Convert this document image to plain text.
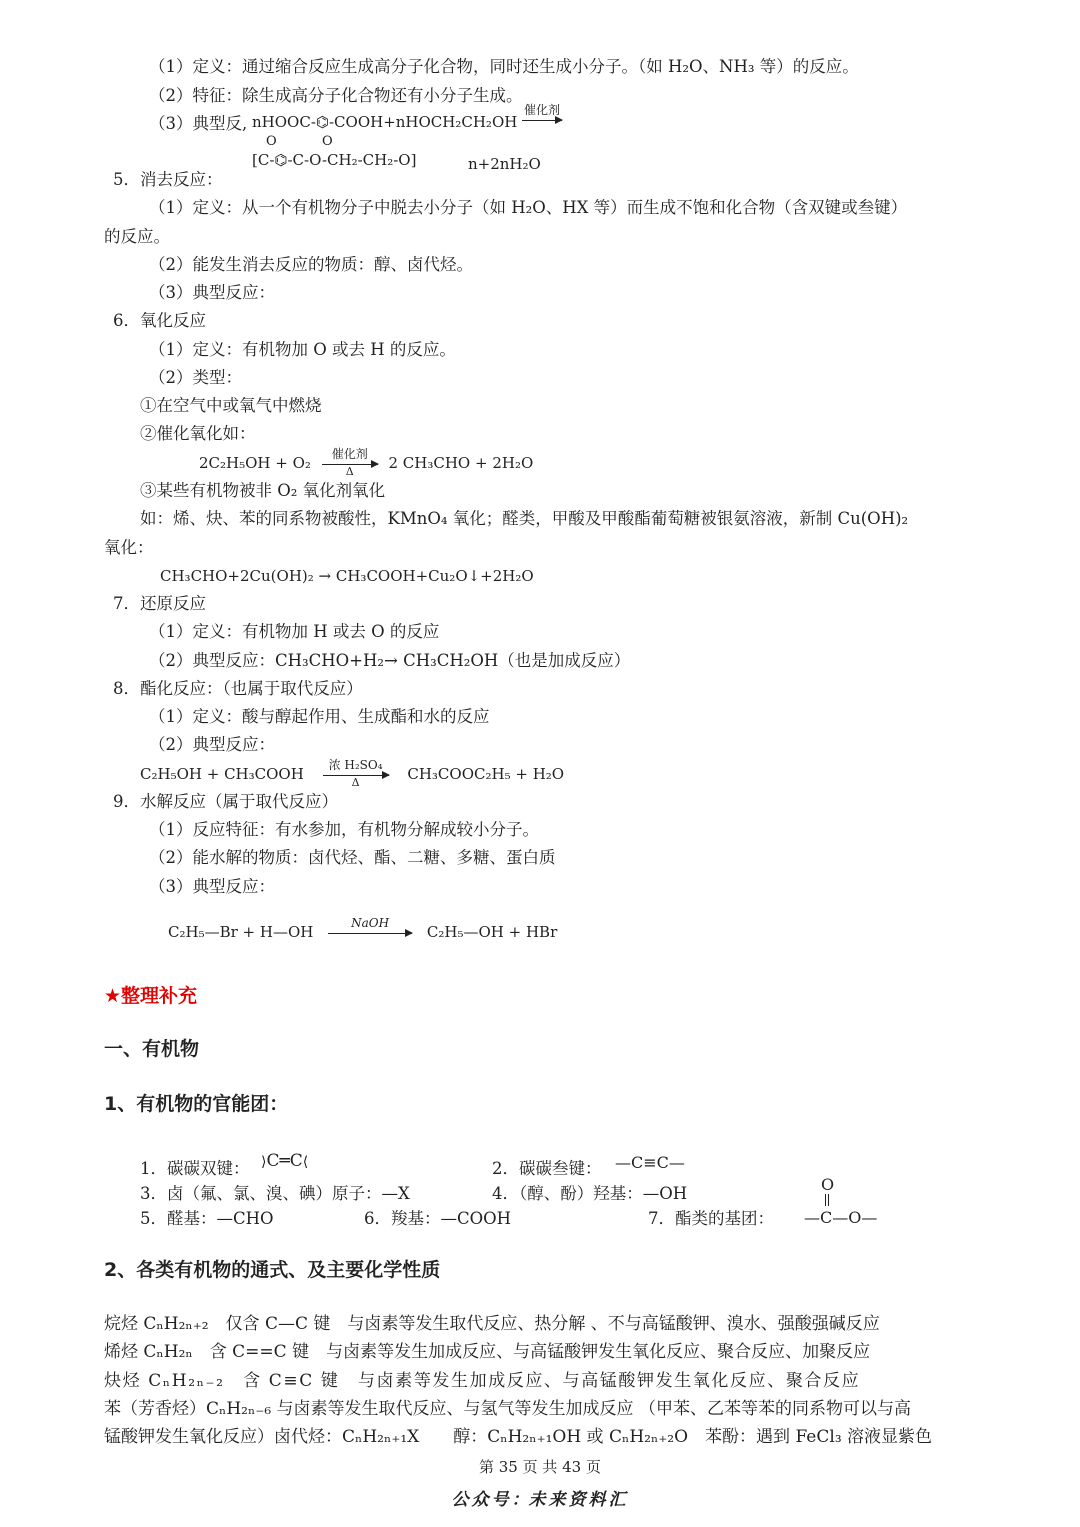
（1）定义：通过缩合反应生成高分子化合物，同时还生成小分子。（如 H₂O、NH₃ 等）的反应。
（2）特征：除生成高分子化合物还有小分子生成。
（3）典型反, nHOOC-⌬-COOH+nHOCH₂CH₂OH
催化剂
O	O
[C-⌬-C-O-CH₂-CH₂-O]	n+2nH₂O
5．消去反应：
（1）定义：从一个有机物分子中脱去小分子（如 H₂O、HX 等）而生成不饱和化合物（含双键或叁键）
的反应。
（2）能发生消去反应的物质：醇、卤代烃。
（3）典型反应：
6．氧化反应
（1）定义：有机物加 O 或去 H 的反应。
（2）类型：
①在空气中或氧气中燃烧
②催化氧化如：
2C₂H₅OH + O₂
催化剂
Δ	2 CH₃CHO + 2H₂O
③某些有机物被非 O₂ 氧化剂氧化
如：烯、炔、苯的同系物被酸性，KMnO₄ 氧化；醛类，甲酸及甲酸酯葡萄糖被银氨溶液，新制 Cu(OH)₂
氧化：
CH₃CHO+2Cu(OH)₂ → CH₃COOH+Cu₂O↓+2H₂O
7．还原反应
（1）定义：有机物加 H 或去 O 的反应
（2）典型反应：CH₃CHO+H₂→ CH₃CH₂OH（也是加成反应）
8．酯化反应：（也属于取代反应）
（1）定义：酸与醇起作用、生成酯和水的反应
（2）典型反应：
C₂H₅OH + CH₃COOH
浓 H₂SO₄
Δ	CH₃COOC₂H₅ + H₂O
9．水解反应（属于取代反应）
（1）反应特征：有水参加，有机物分解成较小分子。
（2）能水解的物质：卤代烃、酯、二糖、多糖、蛋白质
（3）典型反应：
C₂H₅—Br + H—OH
NaOH
C₂H₅—OH + HBr
★整理补充
一、有机物
1、有机物的官能团：
1．碳碳双键： ⟩C═C⟨	2．碳碳叁键： —C≡C—
3．卤（氟、氯、溴、碘）原子：—X	4．（醇、酚）羟基：—OH
5．醛基：—CHO	6．羧基：—COOH	7．酯类的基团：
O
—C—O—
2、各类有机物的通式、及主要化学性质
烷烃 CₙH₂ₙ₊₂　仅含 C—C 键　与卤素等发生取代反应、热分解 、不与高锰酸钾、溴水、强酸强碱反应
烯烃 CₙH₂ₙ　含 C==C 键　与卤素等发生加成反应、与高锰酸钾发生氧化反应、聚合反应、加聚反应
炔烃 CₙH₂ₙ₋₂　含 C≡C 键　与卤素等发生加成反应、与高锰酸钾发生氧化反应、聚合反应
苯（芳香烃）CₙH₂ₙ₋₆ 与卤素等发生取代反应、与氢气等发生加成反应 （甲苯、乙苯等苯的同系物可以与高
锰酸钾发生氧化反应）卤代烃：CₙH₂ₙ₊₁X　　醇：CₙH₂ₙ₊₁OH 或 CₙH₂ₙ₊₂O　苯酚：遇到 FeCl₃ 溶液显紫色
第 35 页 共 43 页
公众号：未来资料汇
